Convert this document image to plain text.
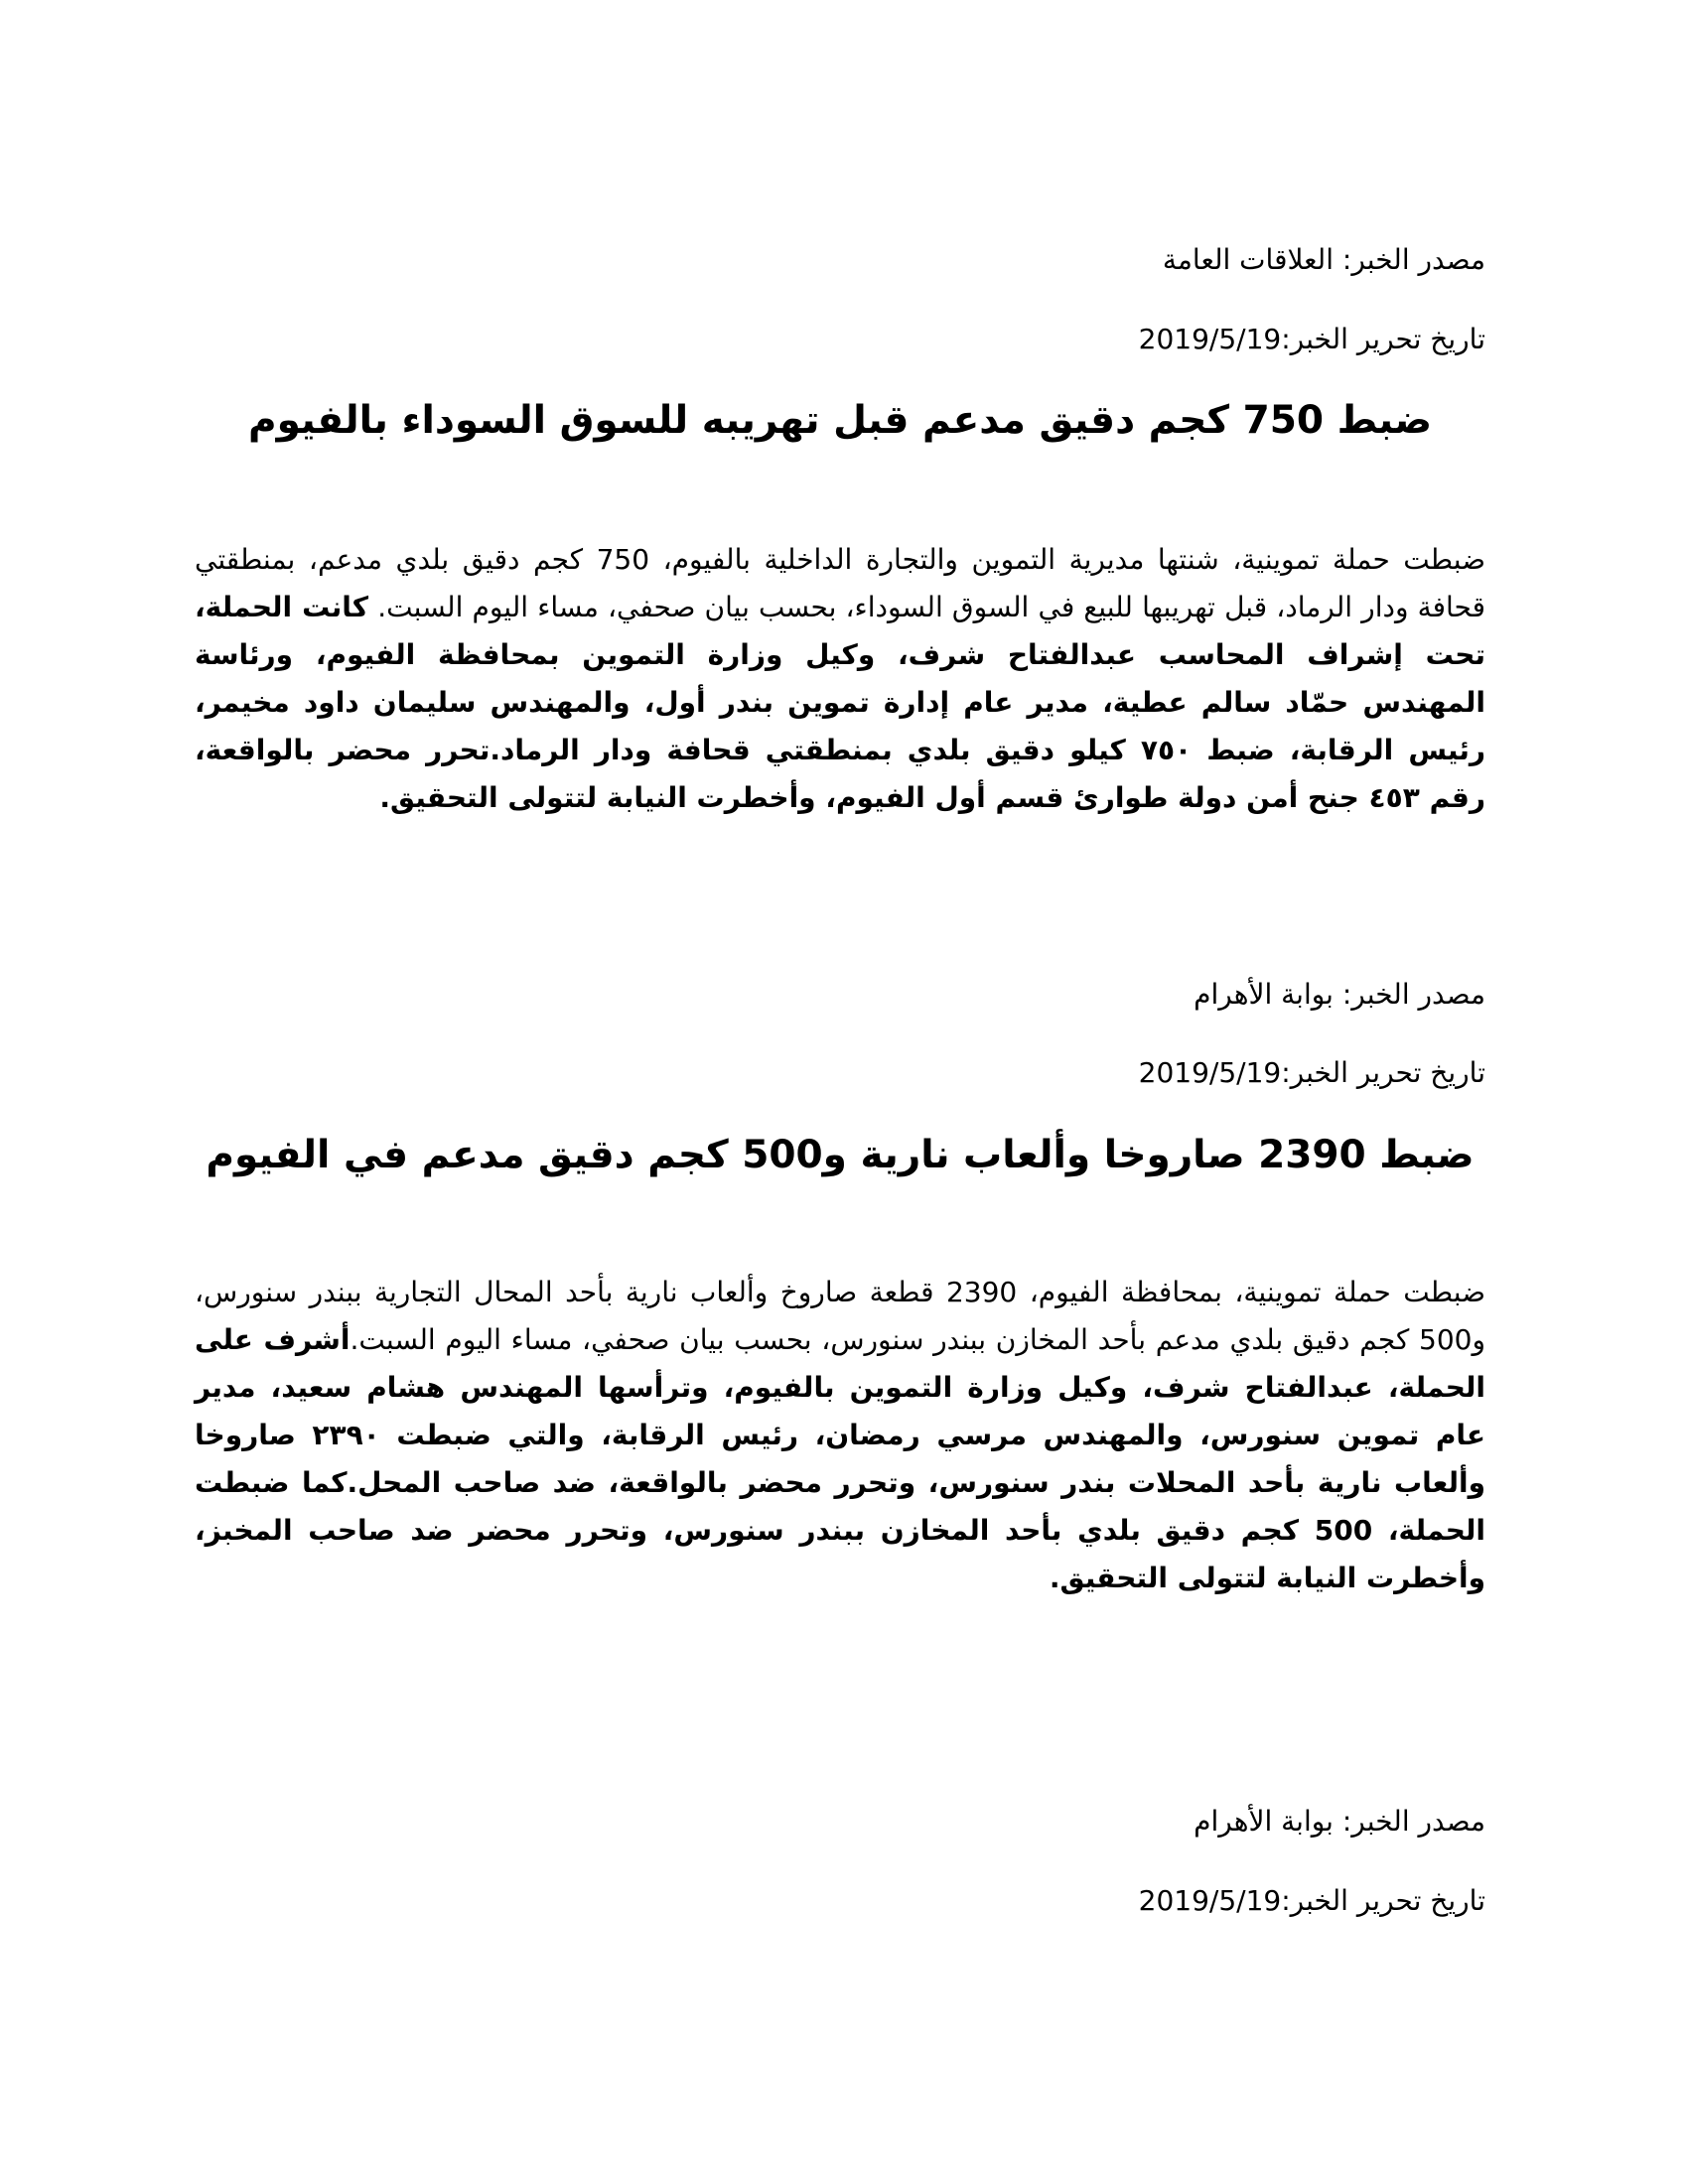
مصدر الخبر: العلاقات العامة
تاريخ تحرير الخبر:2019/5/19
ضبط 750 كجم دقيق مدعم قبل تهريبه للسوق السوداء بالفيوم

ضبطت حملة تموينية، شنتها مديرية التموين والتجارة الداخلية بالفيوم، 750 كجم دقيق بلدي مدعم، بمنطقتي قحافة ودار الرماد، قبل تهريبها للبيع في السوق السوداء، بحسب بيان صحفي، مساء اليوم السبت. كانت الحملة، تحت إشراف المحاسب عبدالفتاح شرف، وكيل وزارة التموين بمحافظة الفيوم، ورئاسة المهندس حمّاد سالم عطية، مدير عام إدارة تموين بندر أول، والمهندس سليمان داود مخيمر، رئيس الرقابة، ضبط ٧٥٠ كيلو دقيق بلدي بمنطقتي قحافة ودار الرماد.تحرر محضر بالواقعة، رقم ٤٥٣ جنح أمن دولة طوارئ قسم أول الفيوم، وأخطرت النيابة لتتولى التحقيق.

مصدر الخبر: بوابة الأهرام
تاريخ تحرير الخبر:2019/5/19
ضبط 2390 صاروخا وألعاب نارية و500 كجم دقيق مدعم في الفيوم

ضبطت حملة تموينية، بمحافظة الفيوم، 2390 قطعة صاروخ وألعاب نارية بأحد المحال التجارية ببندر سنورس، و500 كجم دقيق بلدي مدعم بأحد المخازن ببندر سنورس، بحسب بيان صحفي، مساء اليوم السبت.أشرف على الحملة، عبدالفتاح شرف، وكيل وزارة التموين بالفيوم، وترأسها المهندس هشام سعيد، مدير عام تموين سنورس، والمهندس مرسي رمضان، رئيس الرقابة، والتي ضبطت ٢٣٩٠ صاروخا وألعاب نارية بأحد المحلات بندر سنورس، وتحرر محضر بالواقعة، ضد صاحب المحل.كما ضبطت الحملة، 500 كجم دقيق بلدي بأحد المخازن ببندر سنورس، وتحرر محضر ضد صاحب المخبز، وأخطرت النيابة لتتولى التحقيق.

مصدر الخبر: بوابة الأهرام
تاريخ تحرير الخبر:2019/5/19
